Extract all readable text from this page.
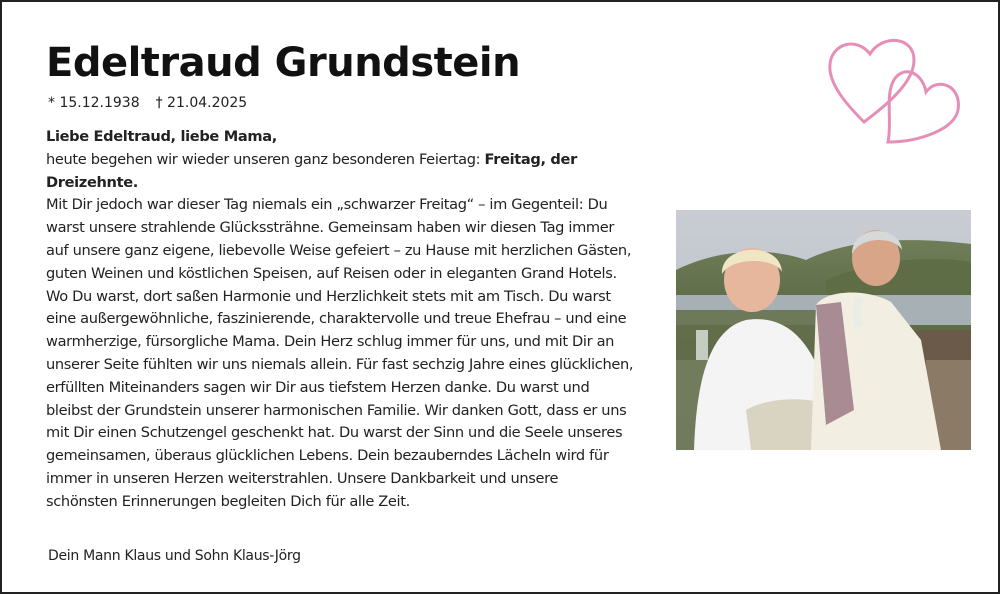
Edeltraud Grundstein
* 15.12.1938 † 21.04.2025
Liebe Edeltraud, liebe Mama,
heute begehen wir wieder unseren ganz besonderen Feiertag: Freitag, der
Dreizehnte.
Mit Dir jedoch war dieser Tag niemals ein „schwarzer Freitag“ – im Gegenteil: Du
warst unsere strahlende Glückssträhne. Gemeinsam haben wir diesen Tag immer
auf unsere ganz eigene, liebevolle Weise gefeiert – zu Hause mit herzlichen Gästen,
guten Weinen und köstlichen Speisen, auf Reisen oder in eleganten Grand Hotels.
Wo Du warst, dort saßen Harmonie und Herzlichkeit stets mit am Tisch. Du warst
eine außergewöhnliche, faszinierende, charaktervolle und treue Ehefrau – und eine
warmherzige, fürsorgliche Mama. Dein Herz schlug immer für uns, und mit Dir an
unserer Seite fühlten wir uns niemals allein. Für fast sechzig Jahre eines glücklichen,
erfüllten Miteinanders sagen wir Dir aus tiefstem Herzen danke. Du warst und
bleibst der Grundstein unserer harmonischen Familie. Wir danken Gott, dass er uns
mit Dir einen Schutzengel geschenkt hat. Du warst der Sinn und die Seele unseres
gemeinsamen, überaus glücklichen Lebens. Dein bezauberndes Lächeln wird für
immer in unseren Herzen weiterstrahlen. Unsere Dankbarkeit und unsere
schönsten Erinnerungen begleiten Dich für alle Zeit.
Dein Mann Klaus und Sohn Klaus-Jörg
